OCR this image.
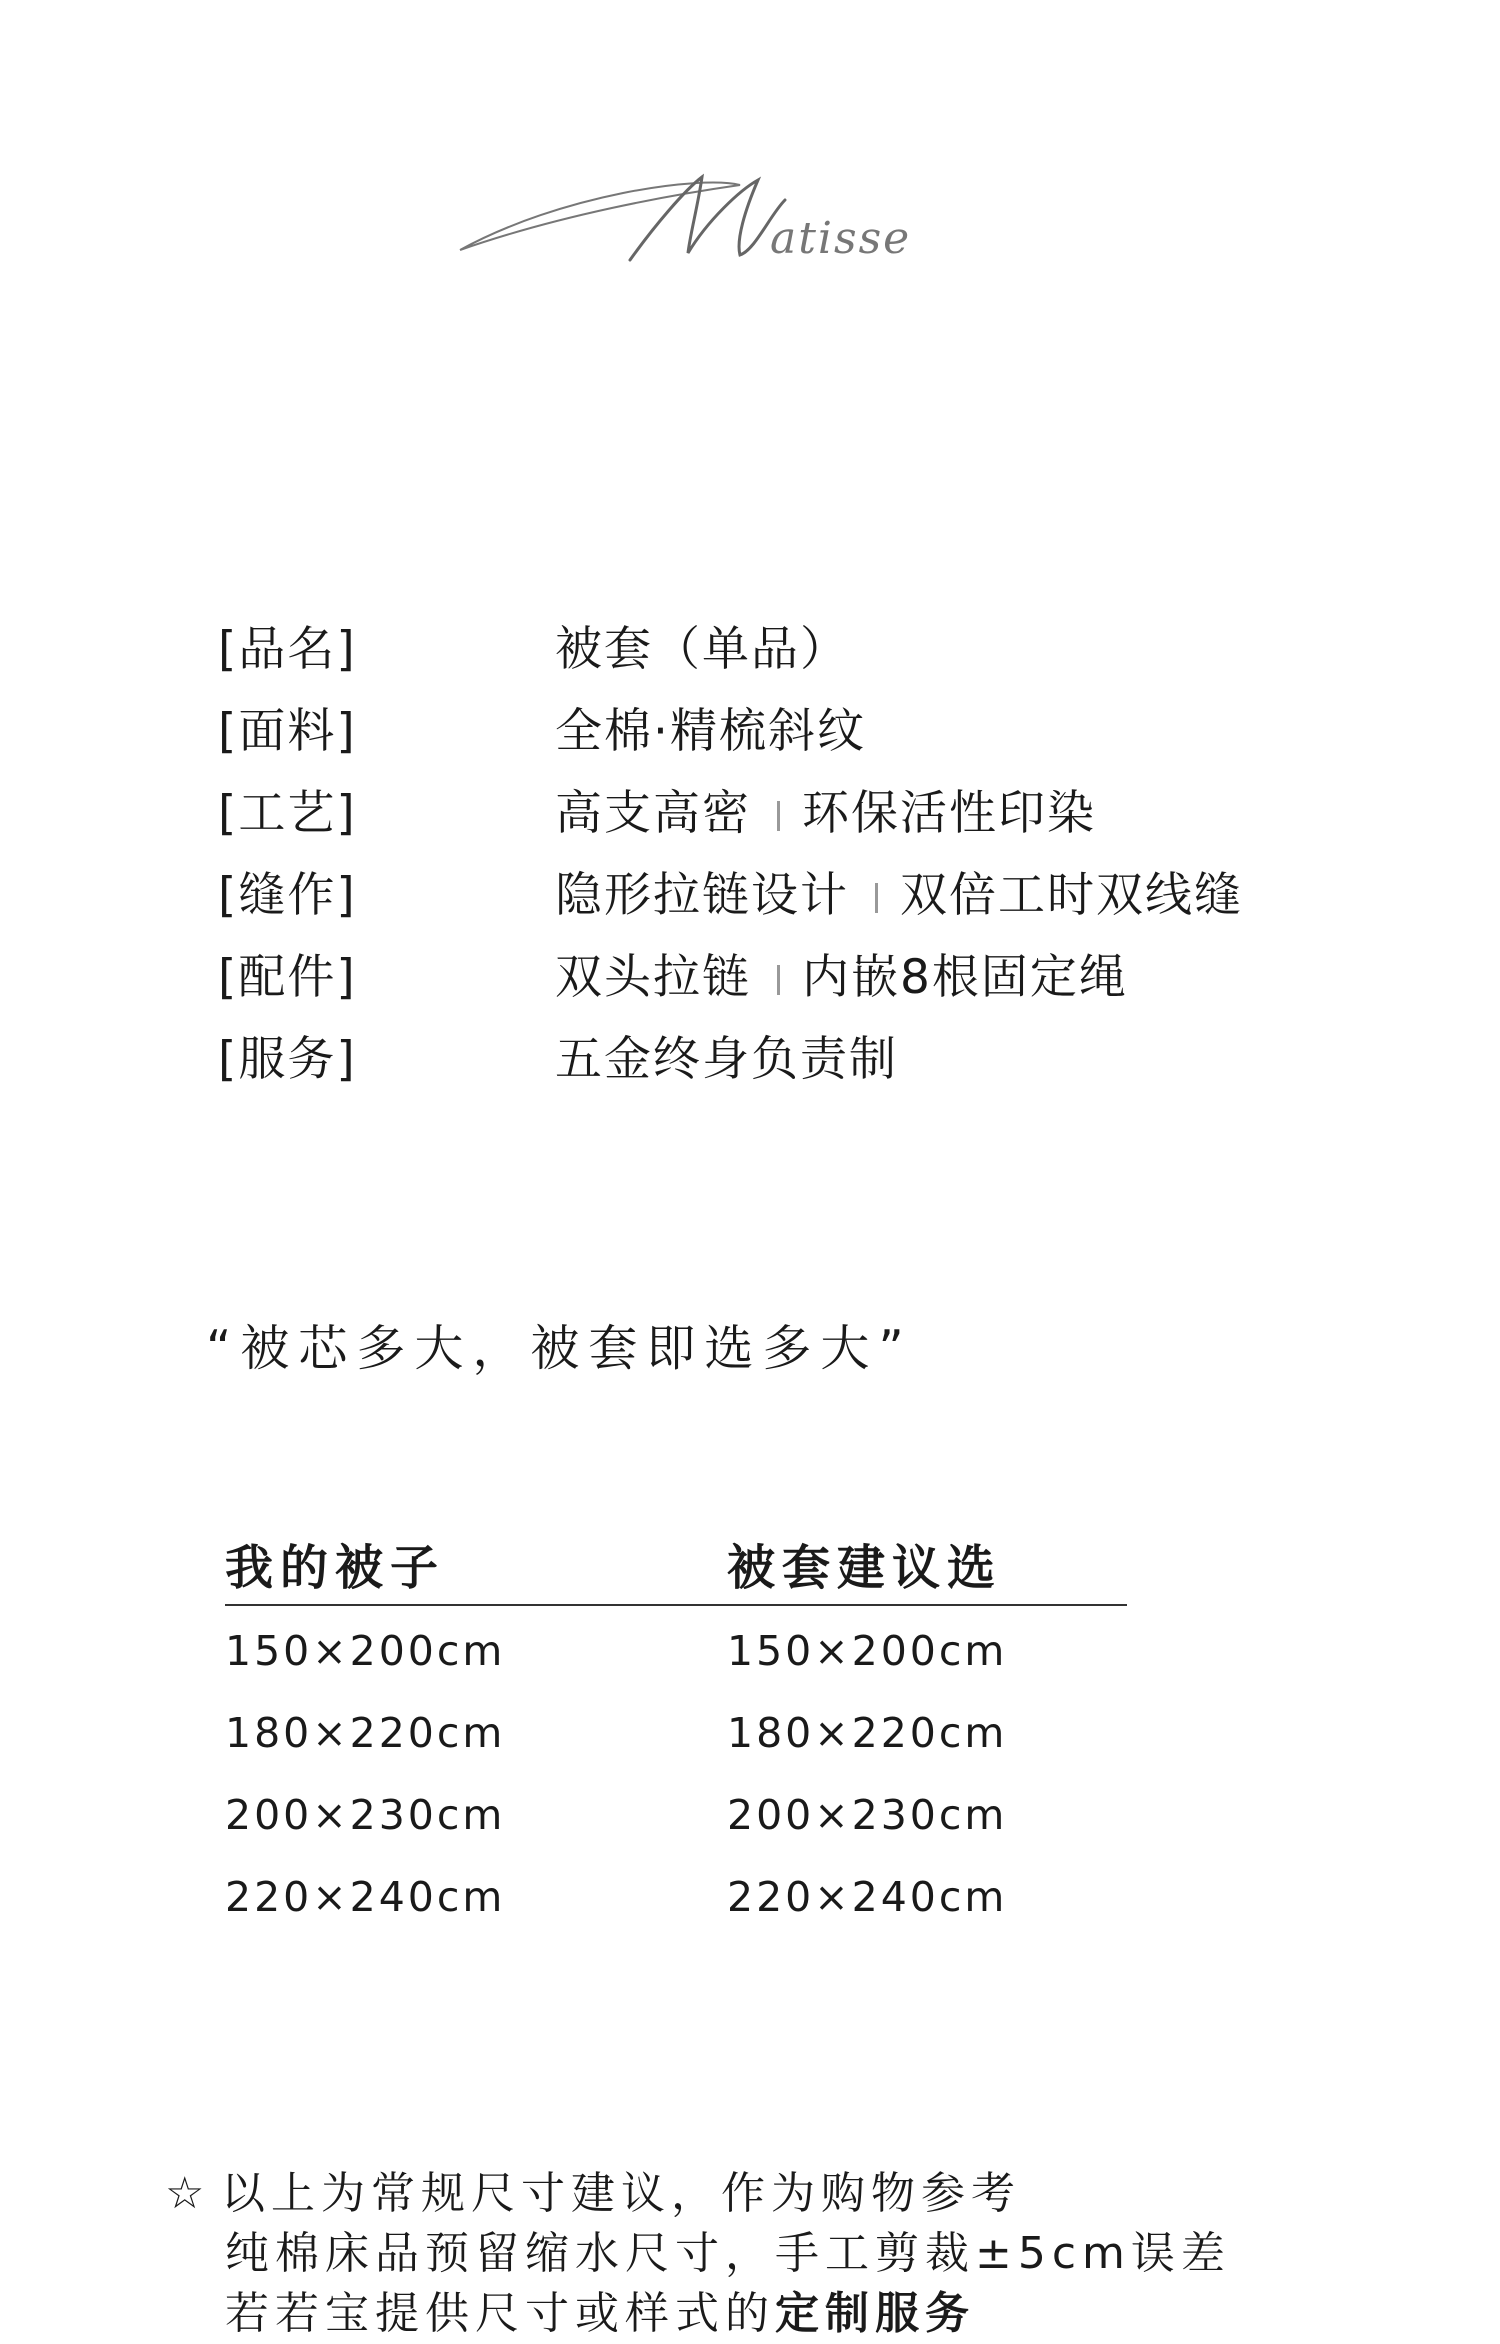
atisse
[品名]	被套（单品）
[面料]	全棉·精梳斜纹
[工艺]	高支高密 环保活性印染
[缝作]	隐形拉链设计 双倍工时双线缝
[配件]	双头拉链 内嵌8根固定绳
[服务]	五金终身负责制
“被芯多大，被套即选多大”
我的被子	被套建议选
150×200cm	150×200cm
180×220cm	180×220cm
200×230cm	200×230cm
220×240cm	220×240cm
☆ 以上为常规尺寸建议，作为购物参考
纯棉床品预留缩水尺寸，手工剪裁±5cm误差
若若宝提供尺寸或样式的定制服务
